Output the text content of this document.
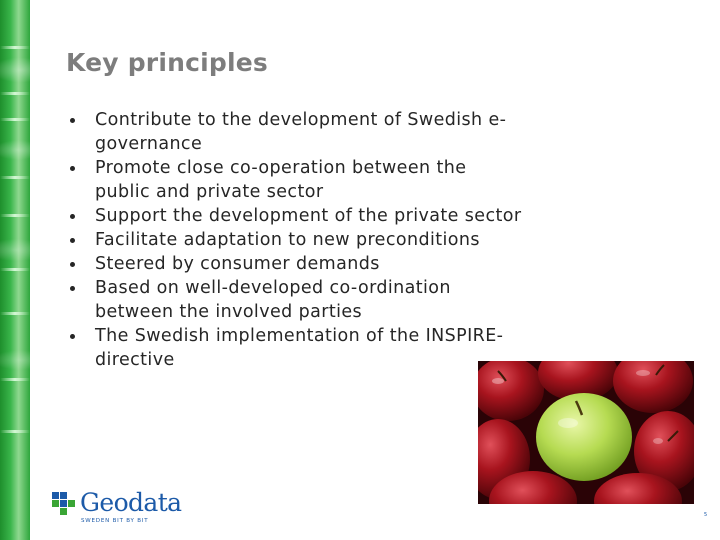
Key principles
Contribute to the development of Swedish e-governance
Promote close co-operation between the public and private sector
Support the development of the private sector
Facilitate adaptation to new preconditions
Steered by consumer demands
Based on well-developed co-ordination between the involved parties
The Swedish implementation of the INSPIRE-directive
Geodata
SWEDEN BIT BY BIT
5
